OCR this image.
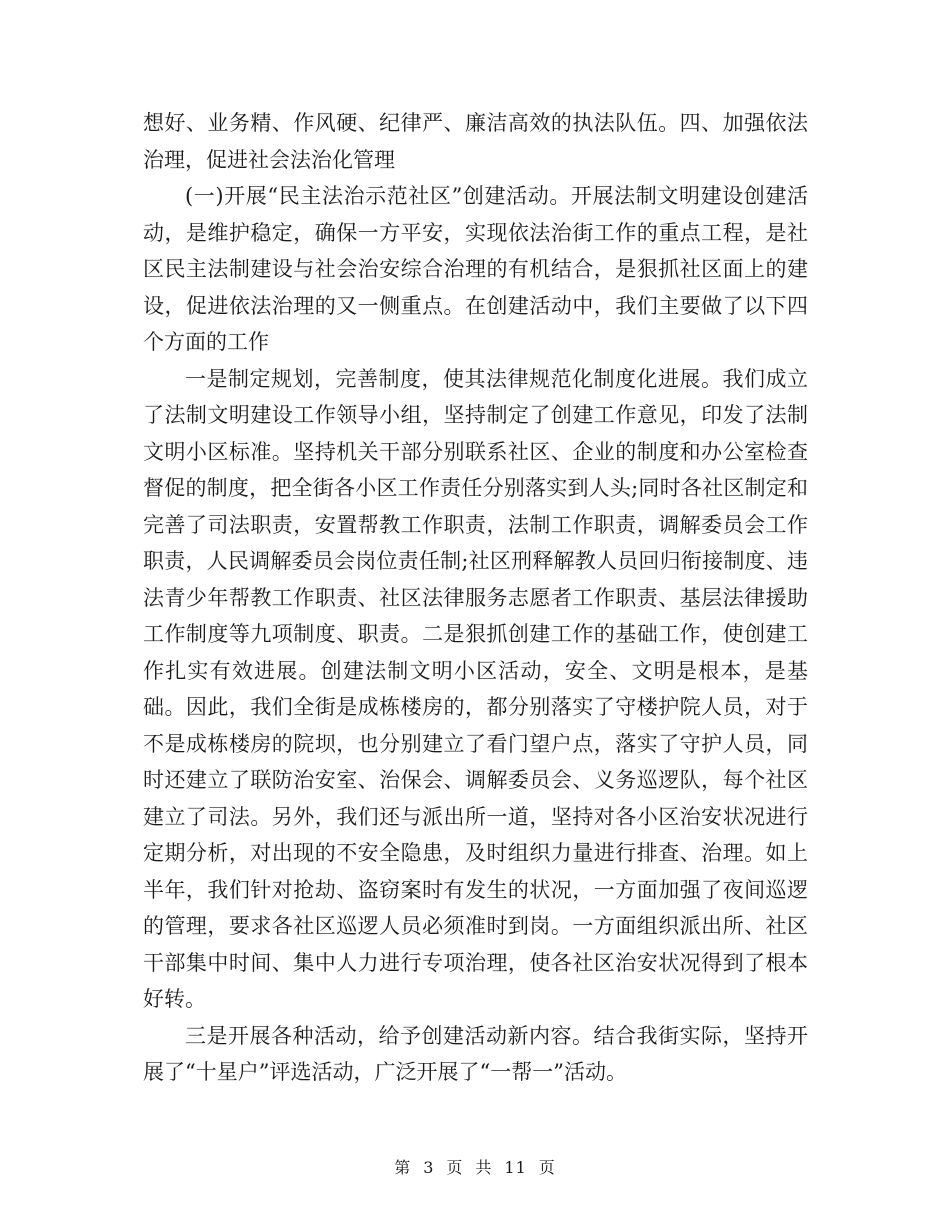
想好、业务精、作风硬、纪律严、廉洁高效的执法队伍。四、加强依法治理，促进社会法治化管理

(一)开展“民主法治示范社区”创建活动。开展法制文明建设创建活动，是维护稳定，确保一方平安，实现依法治街工作的重点工程，是社区民主法制建设与社会治安综合治理的有机结合，是狠抓社区面上的建设，促进依法治理的又一侧重点。在创建活动中，我们主要做了以下四个方面的工作

一是制定规划，完善制度，使其法律规范化制度化进展。我们成立了法制文明建设工作领导小组，坚持制定了创建工作意见，印发了法制文明小区标准。坚持机关干部分别联系社区、企业的制度和办公室检查督促的制度，把全街各小区工作责任分别落实到人头;同时各社区制定和完善了司法职责，安置帮教工作职责，法制工作职责，调解委员会工作职责，人民调解委员会岗位责任制;社区刑释解教人员回归衔接制度、违法青少年帮教工作职责、社区法律服务志愿者工作职责、基层法律援助工作制度等九项制度、职责。二是狠抓创建工作的基础工作，使创建工作扎实有效进展。创建法制文明小区活动，安全、文明是根本，是基础。因此，我们全街是成栋楼房的，都分别落实了守楼护院人员，对于不是成栋楼房的院坝，也分别建立了看门望户点，落实了守护人员，同时还建立了联防治安室、治保会、调解委员会、义务巡逻队，每个社区建立了司法。另外，我们还与派出所一道，坚持对各小区治安状况进行定期分析，对出现的不安全隐患，及时组织力量进行排查、治理。如上半年，我们针对抢劫、盗窃案时有发生的状况，一方面加强了夜间巡逻的管理，要求各社区巡逻人员必须准时到岗。一方面组织派出所、社区干部集中时间、集中人力进行专项治理，使各社区治安状况得到了根本好转。

三是开展各种活动，给予创建活动新内容。结合我街实际，坚持开展了“十星户”评选活动，广泛开展了“一帮一”活动。

第 3 页 共 11 页
